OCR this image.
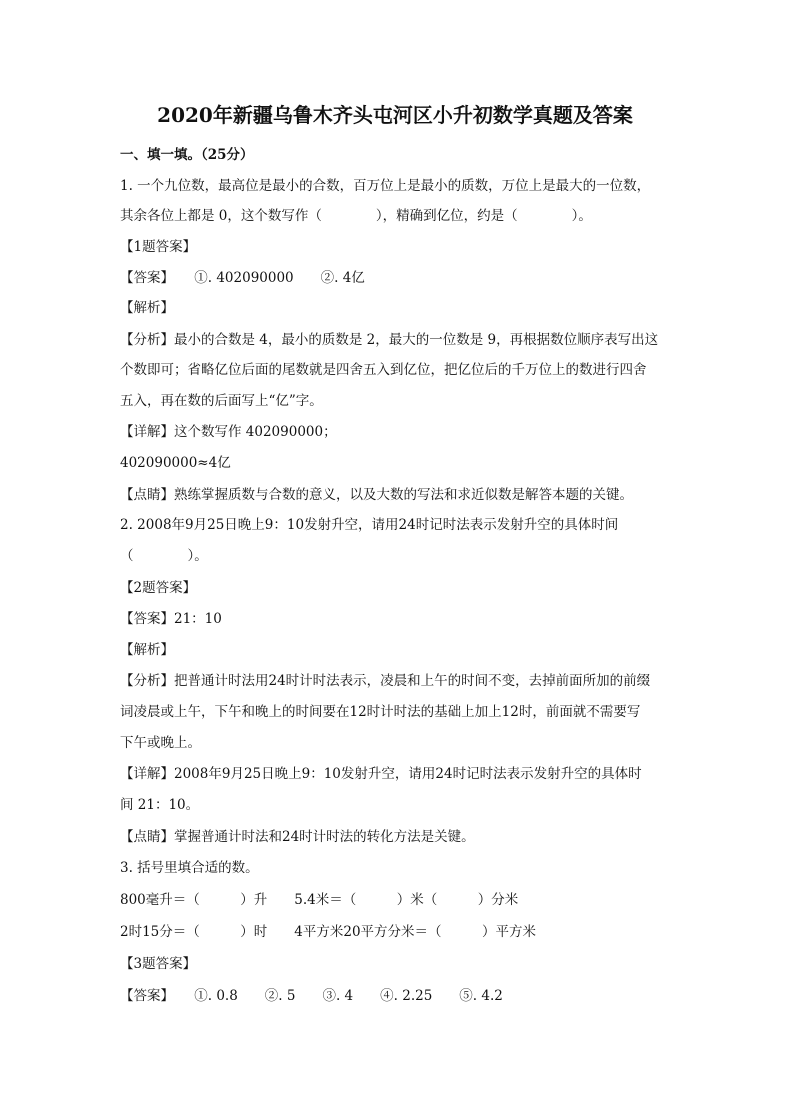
2020年新疆乌鲁木齐头屯河区小升初数学真题及答案
一、填一填。（25分）
1. 一个九位数，最高位是最小的合数，百万位上是最小的质数，万位上是最大的一位数，
其余各位上都是 0，这个数写作（　　　　），精确到亿位，约是（　　　　）。
【1题答案】
【答案】　　①. 402090000　　②. 4亿
【解析】
【分析】最小的合数是 4，最小的质数是 2，最大的一位数是 9，再根据数位顺序表写出这
个数即可；省略亿位后面的尾数就是四舍五入到亿位，把亿位后的千万位上的数进行四舍
五入，再在数的后面写上“亿”字。
【详解】这个数写作 402090000；
402090000≈4亿
【点睛】熟练掌握质数与合数的意义，以及大数的写法和求近似数是解答本题的关键。
2. 2008年9月25日晚上9：10发射升空，请用24时记时法表示发射升空的具体时间
（　　　　）。
【2题答案】
【答案】21：10
【解析】
【分析】把普通计时法用24时计时法表示，凌晨和上午的时间不变，去掉前面所加的前缀
词凌晨或上午，下午和晚上的时间要在12时计时法的基础上加上12时，前面就不需要写
下午或晚上。
【详解】2008年9月25日晚上9：10发射升空，请用24时记时法表示发射升空的具体时
间 21：10。
【点睛】掌握普通计时法和24时计时法的转化方法是关键。
3. 括号里填合适的数。
800毫升＝（　　　）升　　5.4米＝（　　　）米（　　　）分米
2时15分＝（　　　）时　　4平方米20平方分米＝（　　　）平方米
【3题答案】
【答案】　　①. 0.8　　②. 5　　③. 4　　④. 2.25　　⑤. 4.2
